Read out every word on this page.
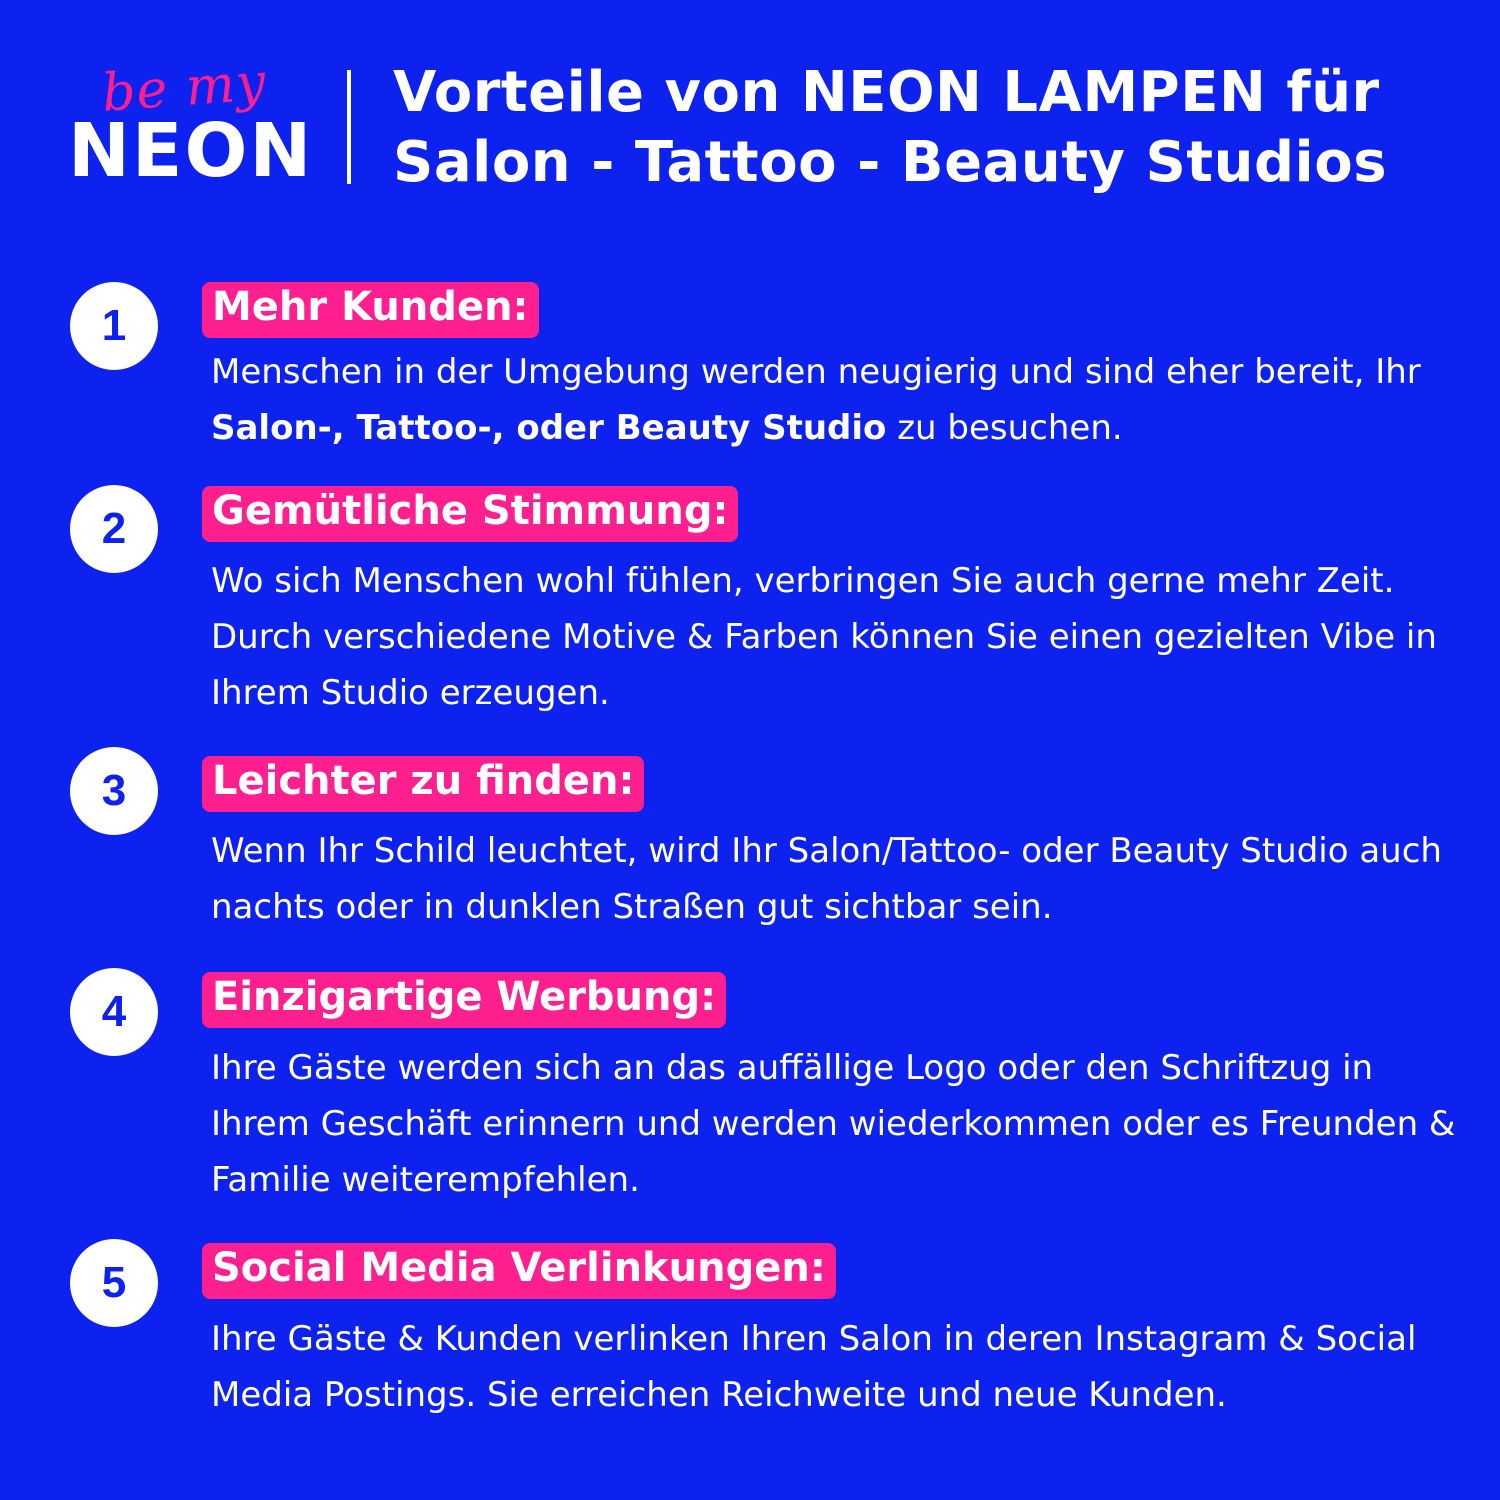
be my
NEON
Vorteile von NEON LAMPEN für
Salon - Tattoo - Beauty Studios
1	Mehr Kunden:
Menschen in der Umgebung werden neugierig und sind eher bereit, Ihr Salon-, Tattoo-, oder Beauty Studio zu besuchen.
2	Gemütliche Stimmung:
Wo sich Menschen wohl fühlen, verbringen Sie auch gerne mehr Zeit. Durch verschiedene Motive & Farben können Sie einen gezielten Vibe in Ihrem Studio erzeugen.
3	Leichter zu finden:
Wenn Ihr Schild leuchtet, wird Ihr Salon/Tattoo- oder Beauty Studio auch nachts oder in dunklen Straßen gut sichtbar sein.
4	Einzigartige Werbung:
Ihre Gäste werden sich an das auffällige Logo oder den Schriftzug in Ihrem Geschäft erinnern und werden wiederkommen oder es Freunden & Familie weiterempfehlen.
5	Social Media Verlinkungen:
Ihre Gäste & Kunden verlinken Ihren Salon in deren Instagram & Social Media Postings. Sie erreichen Reichweite und neue Kunden.
